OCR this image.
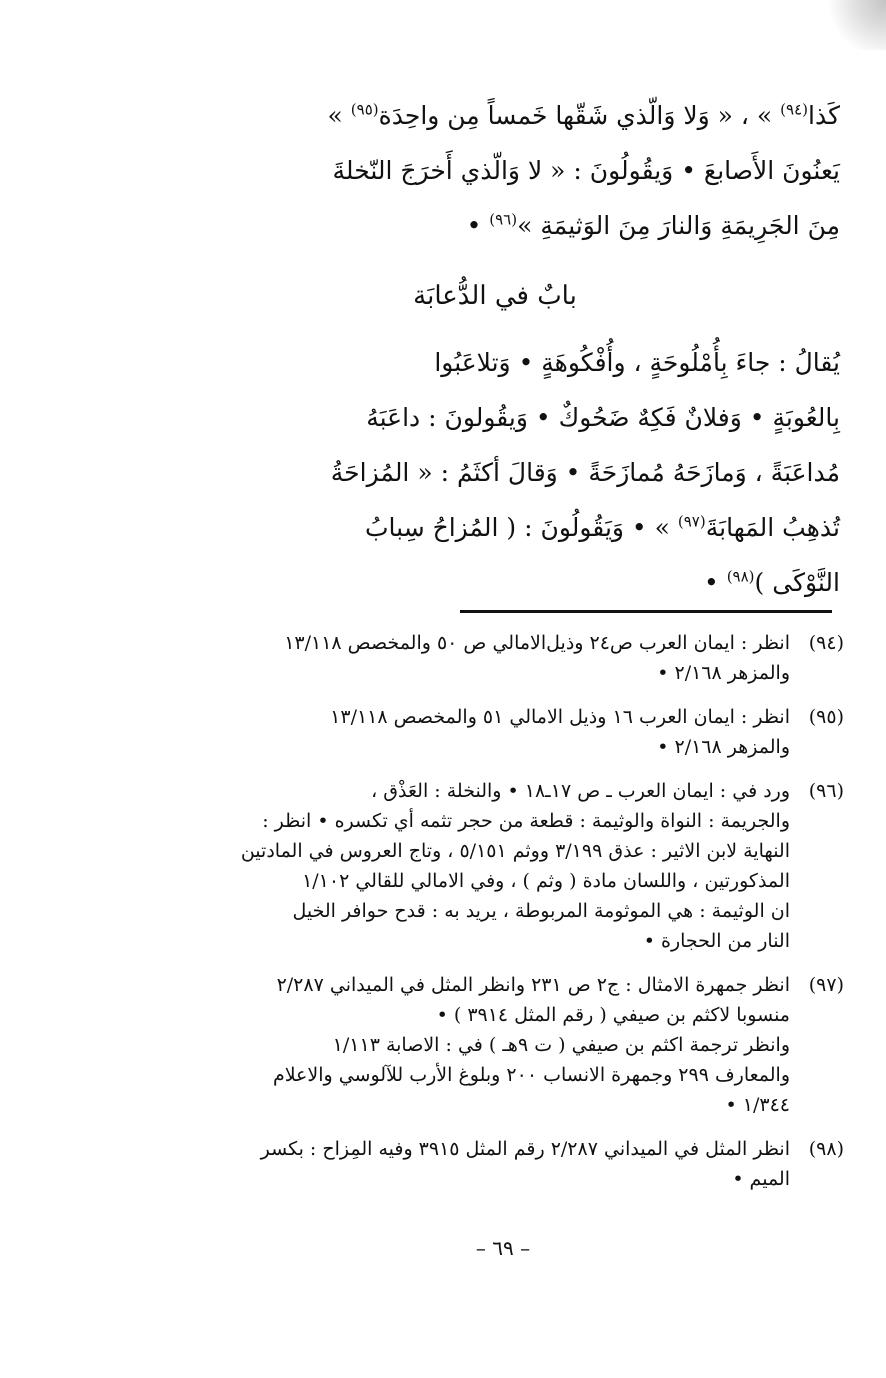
كَذا$^{(٩٤)}$ » ، « وَلا وَالّذي شَقّها خَمساً مِن واحِدَة$^{(٩٥)}$ »
يَعنُونَ الأَصابعَ • وَيقُولُونَ : « لا وَالّذي أَخرَجَ النّخلةَ
مِنَ الجَرِيمَةِ وَالنارَ مِنَ الوَثيمَةِ »$^{(٩٦)}$ •
بابٌ في الدُّعابَة
يُقالُ : جاءَ بِأُمْلُوحَةٍ ، وأُفْكُوهَةٍ • وَتلاعَبُوا
بِالعُوبَةٍ • وَفلانٌ فَكِهٌ ضَحُوكٌ • وَيقُولونَ : داعَبَهُ
مُداعَبَةً ، وَمازَحَهُ مُمازَحَةً • وَقالَ أكثَمُ : « المُزاحَةُ
تُذهِبُ المَهابَةَ$^{(٩٧)}$ » • وَيَقُولُونَ : ( المُزاحُ سِبابُ
النَّوْكَى )$^{(٩٨)}$ •
(٩٤)
انظر : ايمان العرب ص٢٤ وذيل‌الامالي ص ٥٠ والمخصص ١٣/١١٨
والمزهر ٢/١٦٨ •
(٩٥)
انظر : ايمان العرب ١٦ وذيل الامالي ٥١ والمخصص ١٣/١١٨
والمزهر ٢/١٦٨ •
(٩٦)
ورد في : ايمان العرب ـ ص ١٧ـ١٨ • والنخلة : العَذْق ،
والجريمة : النواة والوثيمة : قطعة من حجر تثمه أي تكسره • انظر :
النهاية لابن الاثير : عذق ٣/١٩٩ ووثم ٥/١٥١ ، وتاج العروس في المادتين
المذكورتين ، واللسان مادة ( وثم ) ، وفي الامالي للقالي ١/١٠٢
ان الوثيمة : هي الموثومة المربوطة ، يريد به : قدح حوافر الخيل
النار من الحجارة •
(٩٧)
انظر جمهرة الامثال : ج٢ ص ٢٣١ وانظر المثل في الميداني ٢/٢٨٧
منسوبا لاكثم بن صيفي ( رقم المثل ٣٩١٤ ) •
وانظر ترجمة اكثم بن صيفي ( ت ٩هـ ) في : الاصابة ١/١١٣
والمعارف ٢٩٩ وجمهرة الانساب ٢٠٠ وبلوغ الأرب للآلوسي والاعلام
١/٣٤٤ •
(٩٨)
انظر المثل في الميداني ٢/٢٨٧ رقم المثل ٣٩١٥ وفيه المِزاح : بكسر
الميم •
– ٦٩ –
